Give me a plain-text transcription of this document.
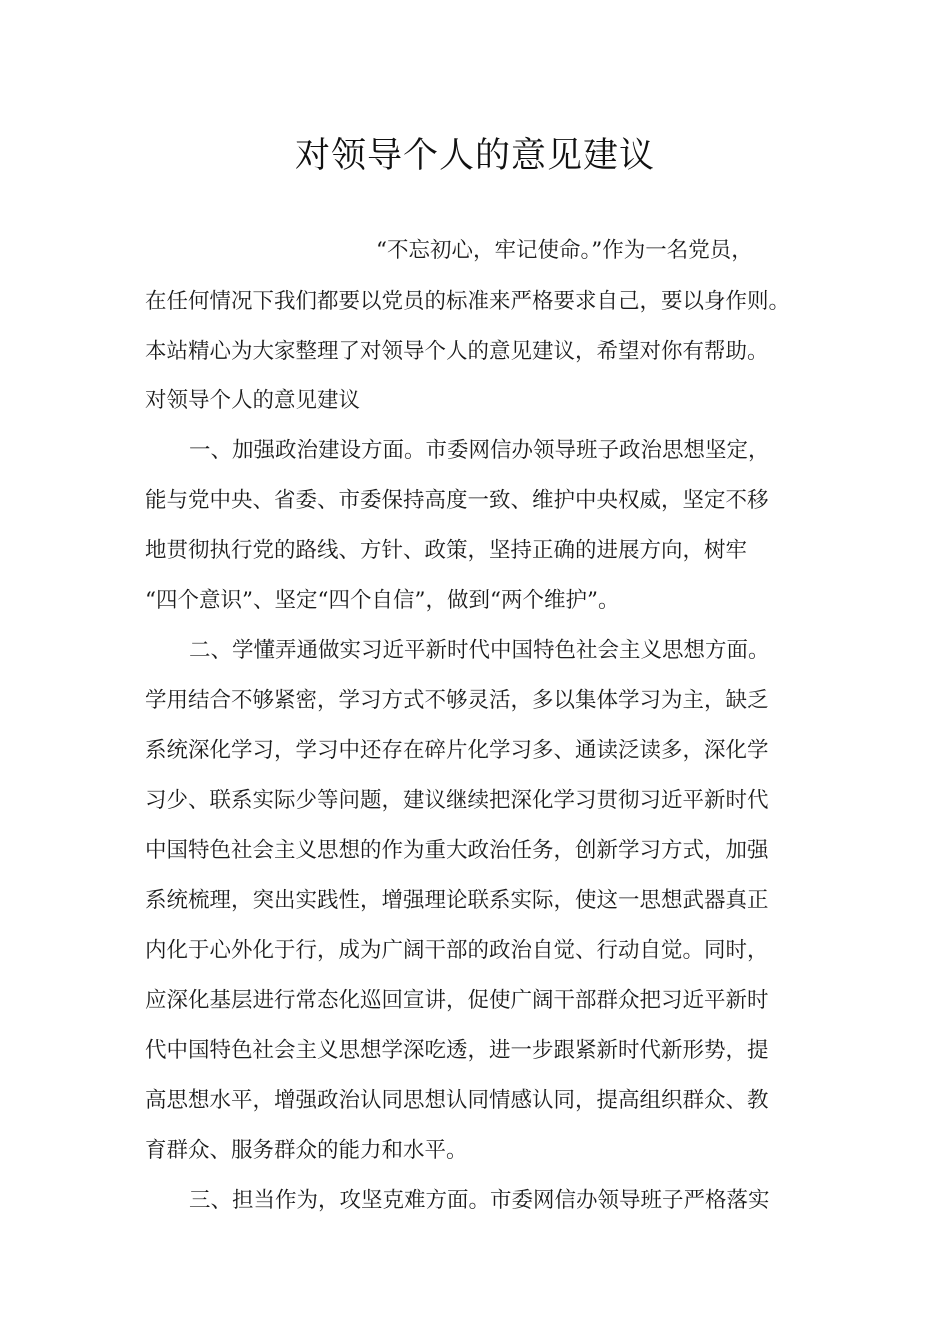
对领导个人的意见建议

“不忘初心，牢记使命。”作为一名党员，

在任何情况下我们都要以党员的标准来严格要求自己，要以身作则。

本站精心为大家整理了对领导个人的意见建议，希望对你有帮助。

对领导个人的意见建议

一、加强政治建设方面。市委网信办领导班子政治思想坚定，

能与党中央、省委、市委保持高度一致、维护中央权威，坚定不移

地贯彻执行党的路线、方针、政策，坚持正确的进展方向，树牢

“四个意识”、坚定“四个自信”，做到“两个维护”。

二、学懂弄通做实习近平新时代中国特色社会主义思想方面。

学用结合不够紧密，学习方式不够灵活，多以集体学习为主，缺乏

系统深化学习，学习中还存在碎片化学习多、通读泛读多，深化学

习少、联系实际少等问题，建议继续把深化学习贯彻习近平新时代

中国特色社会主义思想的作为重大政治任务，创新学习方式，加强

系统梳理，突出实践性，增强理论联系实际，使这一思想武器真正

内化于心外化于行，成为广阔干部的政治自觉、行动自觉。同时，

应深化基层进行常态化巡回宣讲，促使广阔干部群众把习近平新时

代中国特色社会主义思想学深吃透，进一步跟紧新时代新形势，提

高思想水平，增强政治认同思想认同情感认同，提高组织群众、教

育群众、服务群众的能力和水平。

三、担当作为，攻坚克难方面。市委网信办领导班子严格落实
